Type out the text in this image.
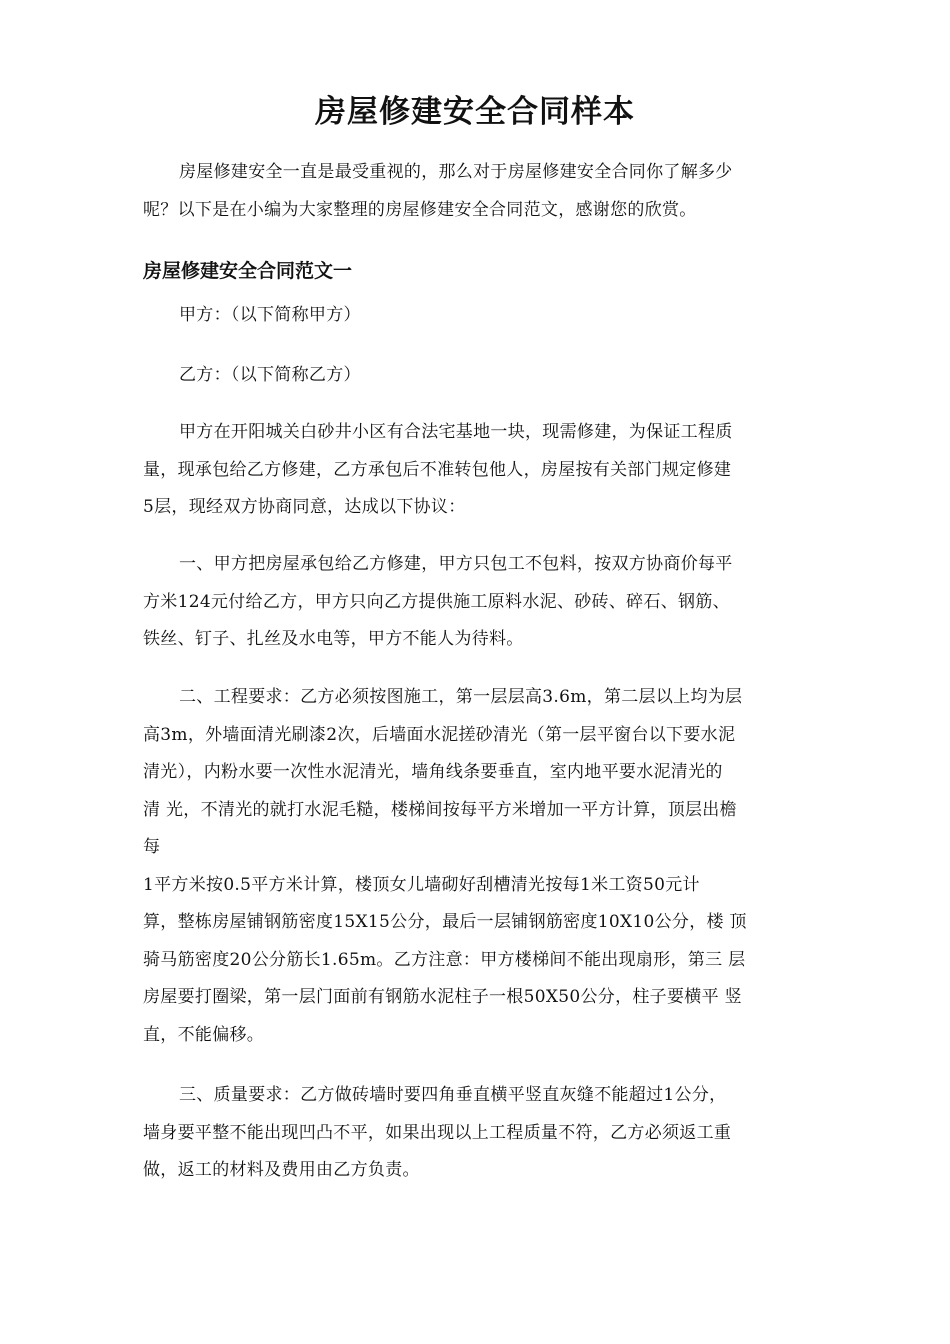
房屋修建安全合同样本
房屋修建安全一直是最受重视的，那么对于房屋修建安全合同你了解多少
呢？以下是在小编为大家整理的房屋修建安全合同范文，感谢您的欣赏。
房屋修建安全合同范文一
甲方：（以下简称甲方）
乙方：（以下简称乙方）
甲方在开阳城关白砂井小区有合法宅基地一块，现需修建，为保证工程质
量，现承包给乙方修建，乙方承包后不准转包他人，房屋按有关部门规定修建
5层，现经双方协商同意，达成以下协议：
一、甲方把房屋承包给乙方修建，甲方只包工不包料，按双方协商价每平
方米124元付给乙方，甲方只向乙方提供施工原料水泥、砂砖、碎石、钢筋、
铁丝、钉子、扎丝及水电等，甲方不能人为待料。
二、工程要求：乙方必须按图施工，第一层层高3.6m，第二层以上均为层
高3m，外墙面清光刷漆2次，后墙面水泥搓砂清光（第一层平窗台以下要水泥
清光），内粉水要一次性水泥清光，墙角线条要垂直，室内地平要水泥清光的
清 光，不清光的就打水泥毛糙，楼梯间按每平方米增加一平方计算，顶层出檐
每
1平方米按0.5平方米计算，楼顶女儿墙砌好刮槽清光按每1米工资50元计
算，整栋房屋铺钢筋密度15X15公分，最后一层铺钢筋密度10X10公分，楼 顶
骑马筋密度20公分筋长1.65m。乙方注意：甲方楼梯间不能出现扇形，第三 层
房屋要打圈梁，第一层门面前有钢筋水泥柱子一根50X50公分，柱子要横平 竖
直，不能偏移。
三、质量要求：乙方做砖墙时要四角垂直横平竖直灰缝不能超过1公分，
墙身要平整不能出现凹凸不平，如果出现以上工程质量不符，乙方必须返工重
做，返工的材料及费用由乙方负责。
